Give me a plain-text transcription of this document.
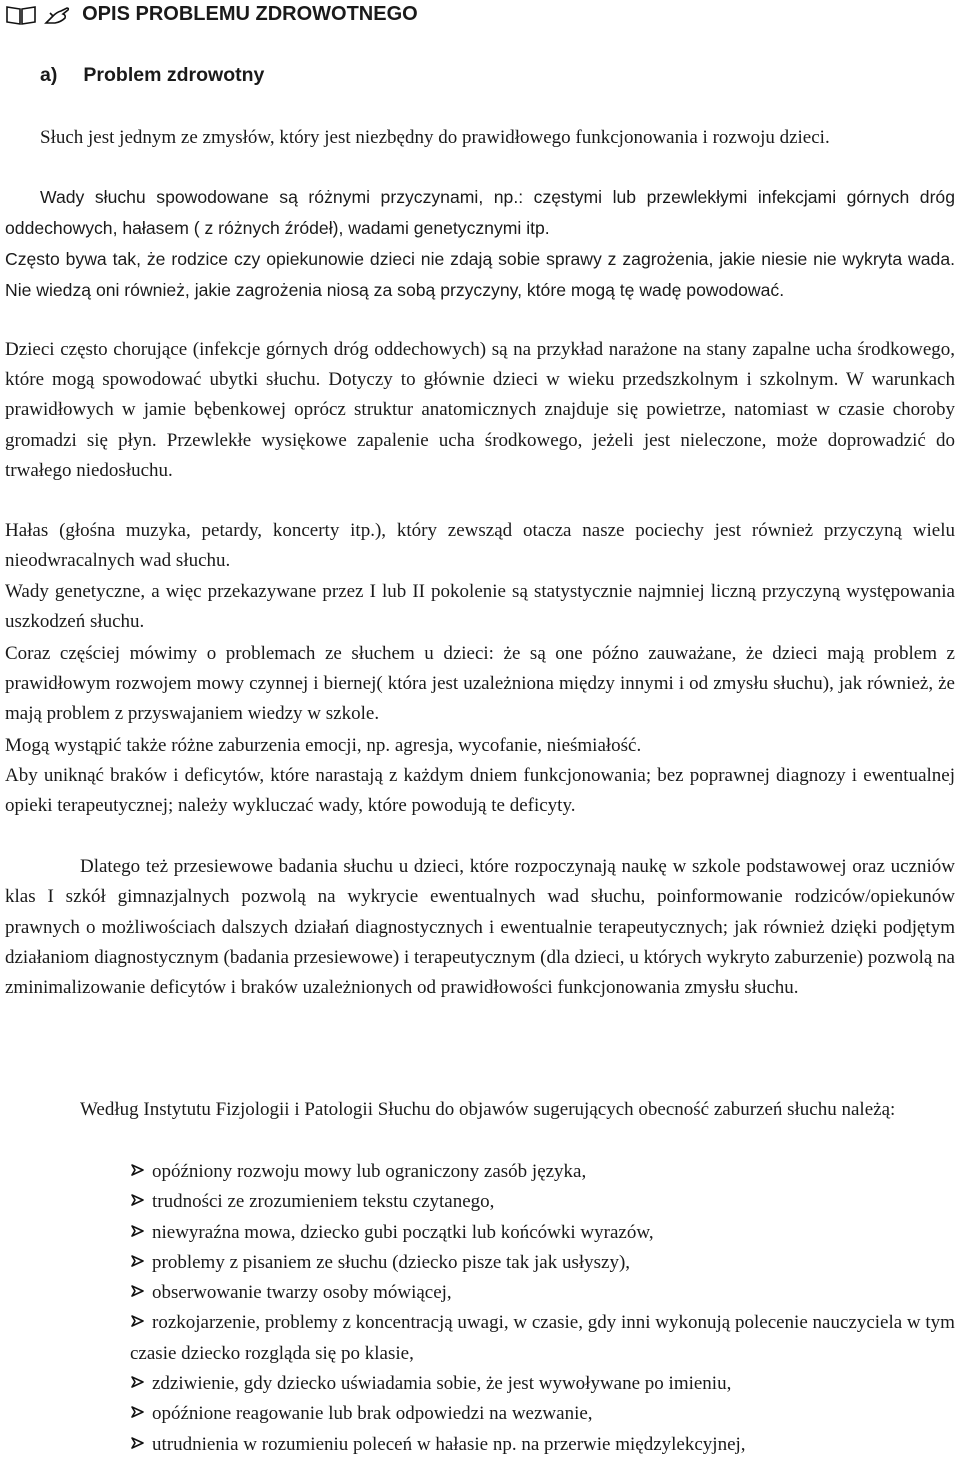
OPIS PROBLEMU ZDROWOTNEGO
a) Problem zdrowotny

Słuch jest jednym ze zmysłów, który jest niezbędny do prawidłowego funkcjonowania i rozwoju dzieci.

Wady słuchu spowodowane są różnymi przyczynami, np.: częstymi lub przewlekłymi infekcjami górnych dróg oddechowych, hałasem ( z różnych źródeł), wadami genetycznymi itp.

Często bywa tak, że rodzice czy opiekunowie dzieci nie zdają sobie sprawy z zagrożenia, jakie niesie nie wykryta wada. Nie wiedzą oni również, jakie zagrożenia niosą za sobą przyczyny, które mogą tę wadę powodować.

Dzieci często chorujące (infekcje górnych dróg oddechowych) są na przykład narażone na stany zapalne ucha środkowego, które mogą spowodować ubytki słuchu. Dotyczy to głównie dzieci w wieku przedszkolnym i szkolnym. W warunkach prawidłowych w jamie bębenkowej oprócz struktur anatomicznych znajduje się powietrze, natomiast w czasie choroby gromadzi się płyn. Przewlekłe wysiękowe zapalenie ucha środkowego, jeżeli jest nieleczone, może doprowadzić do trwałego niedosłuchu.

Hałas (głośna muzyka, petardy, koncerty itp.), który zewsząd otacza nasze pociechy jest również przyczyną wielu nieodwracalnych wad słuchu.

Wady genetyczne, a więc przekazywane przez I lub II pokolenie są statystycznie najmniej liczną przyczyną występowania uszkodzeń słuchu.

Coraz częściej mówimy o problemach ze słuchem u dzieci: że są one późno zauważane, że dzieci mają problem z prawidłowym rozwojem mowy czynnej i biernej( która jest uzależniona między innymi i od zmysłu słuchu), jak również, że mają problem z przyswajaniem wiedzy w szkole.

Mogą wystąpić także różne zaburzenia emocji, np. agresja, wycofanie, nieśmiałość.

Aby uniknąć braków i deficytów, które narastają z każdym dniem funkcjonowania; bez poprawnej diagnozy i ewentualnej opieki terapeutycznej; należy wykluczać wady, które powodują te deficyty.

Dlatego też przesiewowe badania słuchu u dzieci, które rozpoczynają naukę w szkole podstawowej oraz uczniów klas I szkół gimnazjalnych pozwolą na wykrycie ewentualnych wad słuchu, poinformowanie rodziców/opiekunów prawnych o możliwościach dalszych działań diagnostycznych i ewentualnie terapeutycznych; jak również dzięki podjętym działaniom diagnostycznym (badania przesiewowe) i terapeutycznym (dla dzieci, u których wykryto zaburzenie) pozwolą na zminimalizowanie deficytów i braków uzależnionych od prawidłowości funkcjonowania zmysłu słuchu.

Według Instytutu Fizjologii i Patologii Słuchu do objawów sugerujących obecność zaburzeń słuchu należą:

opóźniony rozwoju mowy lub ograniczony zasób języka,
trudności ze zrozumieniem tekstu czytanego,
niewyraźna mowa, dziecko gubi początki lub końcówki wyrazów,
problemy z pisaniem ze słuchu (dziecko pisze tak jak usłyszy),
obserwowanie twarzy osoby mówiącej,
rozkojarzenie, problemy z koncentracją uwagi, w czasie, gdy inni wykonują polecenie nauczyciela w tym czasie dziecko rozgląda się po klasie,
zdziwienie, gdy dziecko uświadamia sobie, że jest wywoływane po imieniu,
opóźnione reagowanie lub brak odpowiedzi na wezwanie,
utrudnienia w rozumieniu poleceń w hałasie np. na przerwie międzylekcyjnej,
